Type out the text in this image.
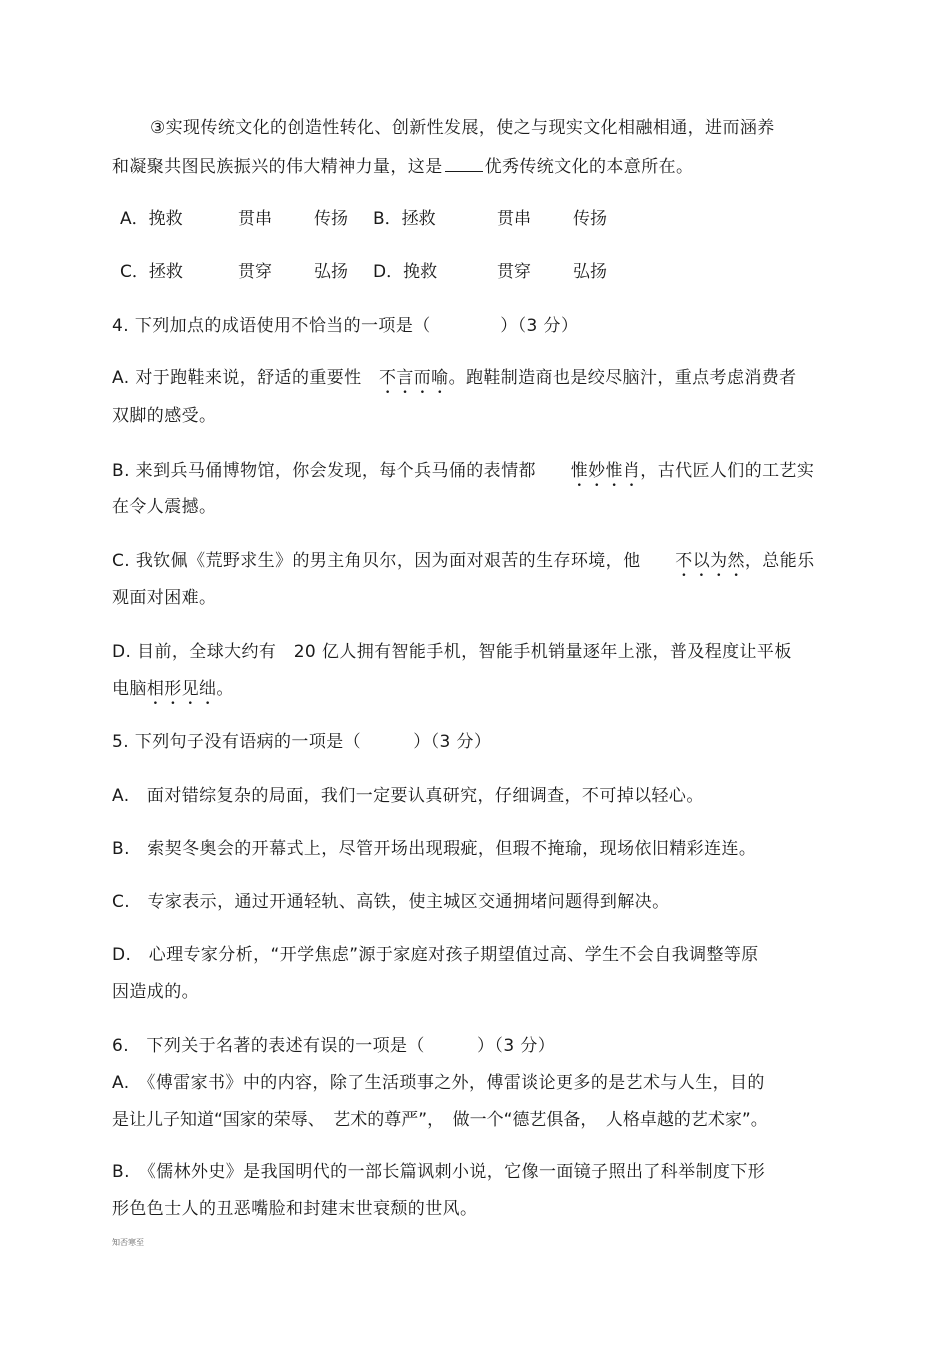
③实现传统文化的创造性转化、创新性发展，使之与现实文化相融相通，进而涵养
和凝聚共图民族振兴的伟大精神力量，这是 优秀传统文化的本意所在。
A．挽救	贯串 传扬 B．拯救	贯串 传扬
C．拯救	贯穿 弘扬 D．挽救	贯穿 弘扬
4. 下列加点的成语使用不恰当的一项是（　　　　）（3 分）
A. 对于跑鞋来说，舒适的重要性　 不言而喻。跑鞋制造商也是绞尽脑汁，重点考虑消费者
双脚的感受。
B. 来到兵马俑博物馆，你会发现，每个兵马俑的表情都　　 惟妙惟肖，古代匠人们的工艺实
在令人震撼。
C. 我钦佩《荒野求生》的男主角贝尔，因为面对艰苦的生存环境，他　　 不以为然，总能乐
观面对困难。
D. 目前，全球大约有　20 亿人拥有智能手机，智能手机销量逐年上涨，普及程度让平板
电脑相形见绌。
5. 下列句子没有语病的一项是（　　　）（3 分）
A.　面对错综复杂的局面，我们一定要认真研究，仔细调查，不可掉以轻心。
B.　索契冬奥会的开幕式上，尽管开场出现瑕疵，但瑕不掩瑜，现场依旧精彩连连。
C.　专家表示，通过开通轻轨、高铁，使主城区交通拥堵问题得到解决。
D.　心理专家分析，“开学焦虑”源于家庭对孩子期望值过高、学生不会自我调整等原
因造成的。
6.　下列关于名著的表述有误的一项是（　　　）（3 分）
A.　《傅雷家书》中的内容，除了生活琐事之外，傅雷谈论更多的是艺术与人生，目的
是让儿子知道“国家的荣辱、　艺术的尊严”，　做一个“德艺俱备，　人格卓越的艺术家”。
B.　《儒林外史》是我国明代的一部长篇讽刺小说，它像一面镜子照出了科举制度下形
形色色士人的丑恶嘴脸和封建末世衰颓的世风。
知否寒至
